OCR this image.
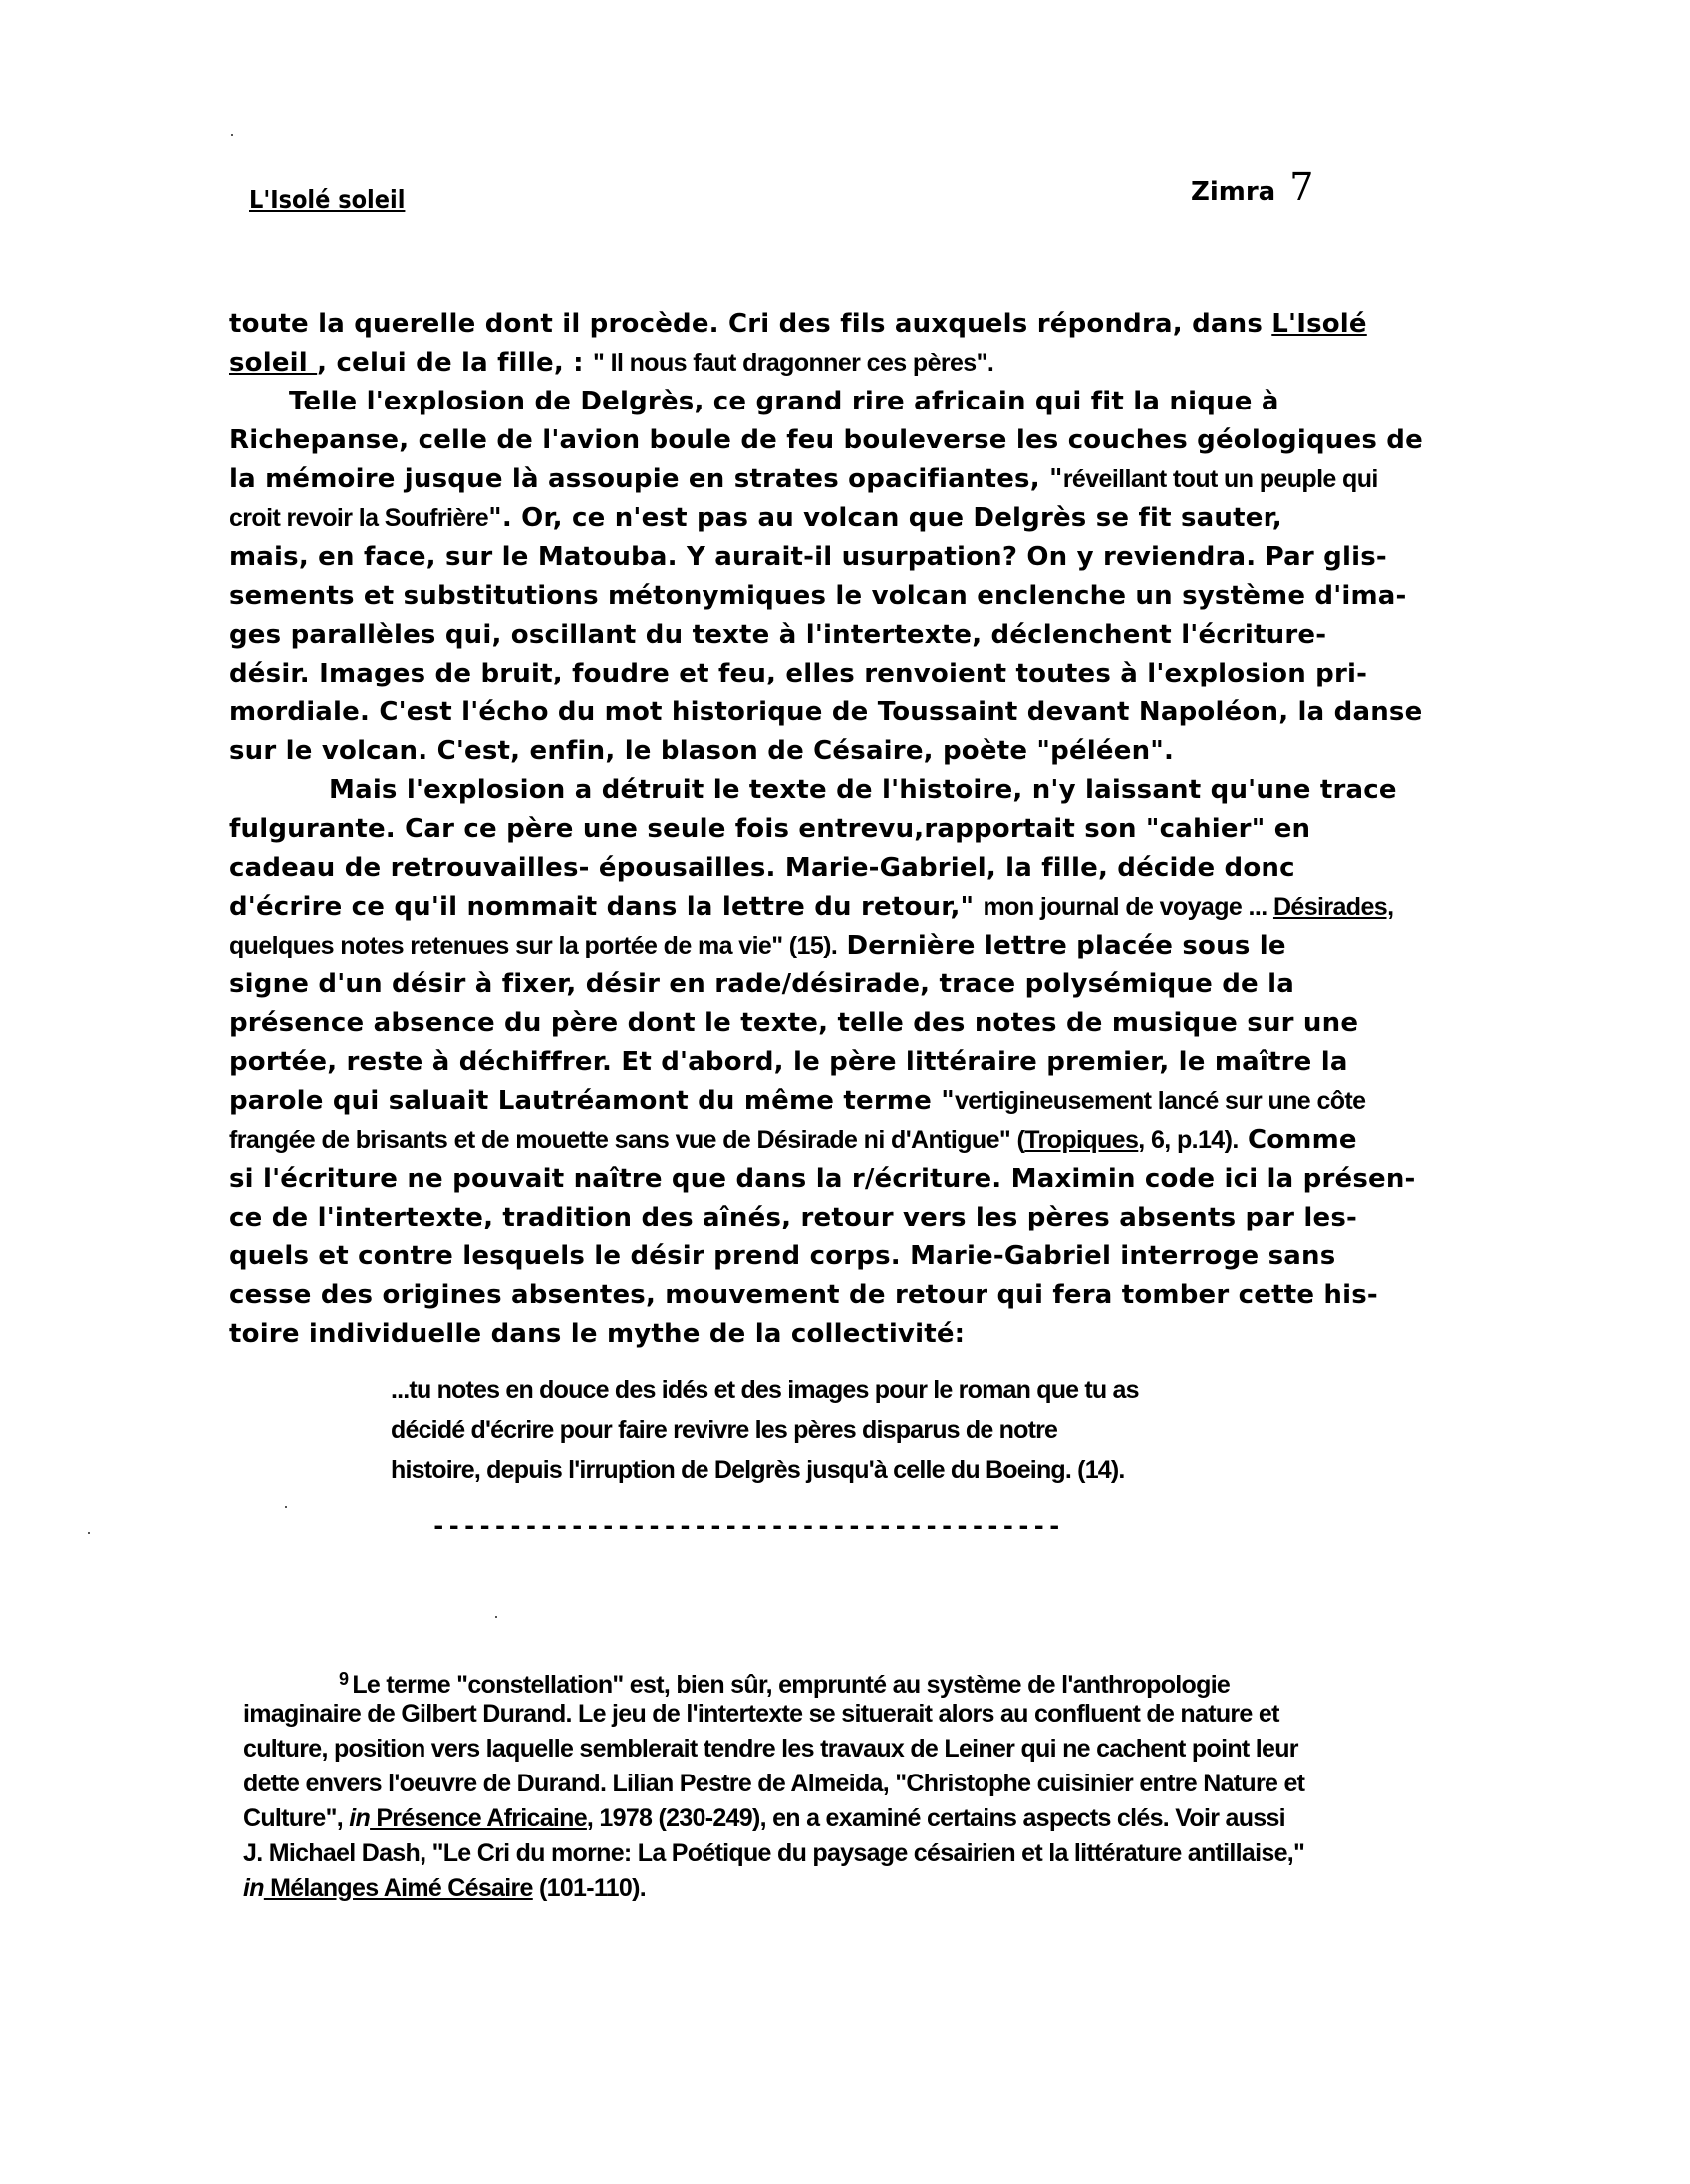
L'Isolé soleil	Zimra 7
toute la querelle dont il procède. Cri des fils auxquels répondra, dans L'Isolé
soleil , celui de la fille, : " Il nous faut dragonner ces pères".
Telle l'explosion de Delgrès, ce grand rire africain qui fit la nique à
Richepanse, celle de l'avion boule de feu bouleverse les couches géologiques de
la mémoire jusque là assoupie en strates opacifiantes, "réveillant tout un peuple qui
croit revoir la Soufrière". Or, ce n'est pas au volcan que Delgrès se fit sauter,
mais, en face, sur le Matouba. Y aurait-il usurpation? On y reviendra. Par glis-
sements et substitutions métonymiques le volcan enclenche un système d'ima-
ges parallèles qui, oscillant du texte à l'intertexte, déclenchent l'écriture-
désir. Images de bruit, foudre et feu, elles renvoient toutes à l'explosion pri-
mordiale. C'est l'écho du mot historique de Toussaint devant Napoléon, la danse
sur le volcan. C'est, enfin, le blason de Césaire, poète "péléen".
Mais l'explosion a détruit le texte de l'histoire, n'y laissant qu'une trace
fulgurante. Car ce père une seule fois entrevu,rapportait son "cahier" en
cadeau de retrouvailles- épousailles. Marie-Gabriel, la fille, décide donc
d'écrire ce qu'il nommait dans la lettre du retour," mon journal de voyage ... Désirades,
quelques notes retenues sur la portée de ma vie" (15). Dernière lettre placée sous le
signe d'un désir à fixer, désir en rade/désirade, trace polysémique de la
présence absence du père dont le texte, telle des notes de musique sur une
portée, reste à déchiffrer. Et d'abord, le père littéraire premier, le maître la
parole qui saluait Lautréamont du même terme "vertigineusement lancé sur une côte
frangée de brisants et de mouette sans vue de Désirade ni d'Antigue" (Tropiques, 6, p.14). Comme
si l'écriture ne pouvait naître que dans la r/écriture. Maximin code ici la présen-
ce de l'intertexte, tradition des aînés, retour vers les pères absents par les-
quels et contre lesquels le désir prend corps. Marie-Gabriel interroge sans
cesse des origines absentes, mouvement de retour qui fera tomber cette his-
toire individuelle dans le mythe de la collectivité:
...tu notes en douce des idés et des images pour le roman que tu as
décidé d'écrire pour faire revivre les pères disparus de notre
histoire, depuis l'irruption de Delgrès jusqu'à celle du Boeing. (14).
-----------------------------------------
$^9$ Le terme "constellation" est, bien sûr, emprunté au système de l'anthropologie
imaginaire de Gilbert Durand. Le jeu de l'intertexte se situerait alors au confluent de nature et
culture, position vers laquelle semblerait tendre les travaux de Leiner qui ne cachent point leur
dette envers l'oeuvre de Durand. Lilian Pestre de Almeida, "Christophe cuisinier entre Nature et
Culture", in Présence Africaine, 1978 (230-249), en a examiné certains aspects clés. Voir aussi
J. Michael Dash, "Le Cri du morne: La Poétique du paysage césairien et la littérature antillaise,"
in Mélanges Aimé Césaire (101-110).
